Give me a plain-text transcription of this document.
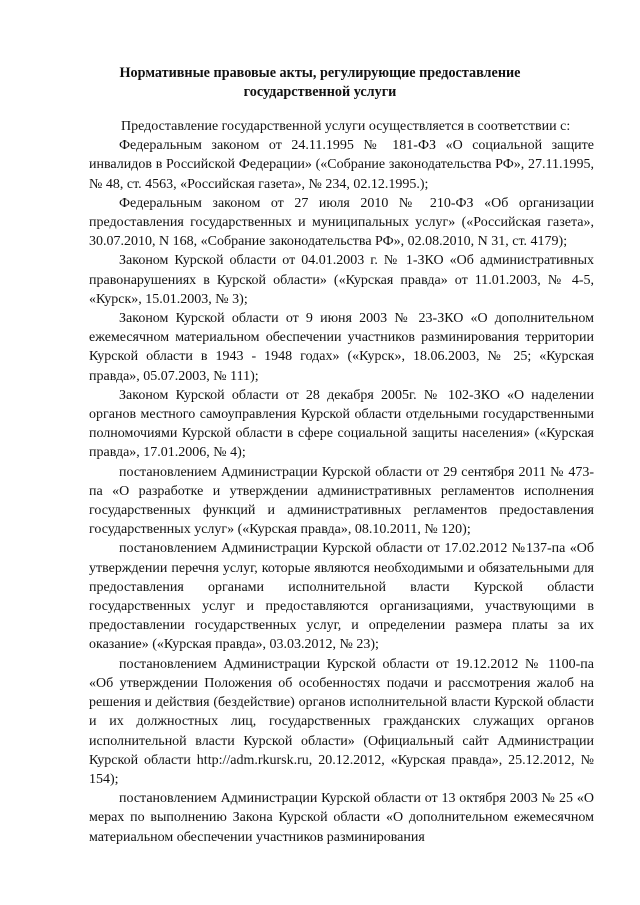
Нормативные правовые акты, регулирующие предоставление государственной услуги

Предоставление государственной услуги осуществляется в соответствии с:

Федеральным законом от 24.11.1995 № 181-ФЗ «О социальной защите инвалидов в Российской Федерации» («Собрание законодательства РФ», 27.11.1995, № 48, ст. 4563, «Российская газета», № 234, 02.12.1995.);

Федеральным законом от 27 июля 2010 № 210-ФЗ «Об организации предоставления государственных и муниципальных услуг» («Российская газета», 30.07.2010, N 168, «Собрание законодательства РФ», 02.08.2010, N 31, ст. 4179);

Законом Курской области от 04.01.2003 г. № 1-ЗКО «Об административных правонарушениях в Курской области» («Курская правда» от 11.01.2003, № 4-5, «Курск», 15.01.2003, № 3);

Законом Курской области от 9 июня 2003 № 23-ЗКО «О дополнительном ежемесячном материальном обеспечении участников разминирования территории Курской области в 1943 - 1948 годах» («Курск», 18.06.2003, № 25; «Курская правда», 05.07.2003, № 111);

Законом Курской области от 28 декабря 2005г. № 102-ЗКО «О наделении органов местного самоуправления Курской области отдельными государственными полномочиями Курской области в сфере социальной защиты населения» («Курская правда», 17.01.2006, № 4);

постановлением Администрации Курской области от 29 сентября 2011 № 473-па «О разработке и утверждении административных регламентов исполнения государственных функций и административных регламентов предоставления государственных услуг» («Курская правда», 08.10.2011, № 120);

постановлением Администрации Курской области от 17.02.2012 №137-па «Об утверждении перечня услуг, которые являются необходимыми и обязательными для предоставления органами исполнительной власти Курской области государственных услуг и предоставляются организациями, участвующими в предоставлении государственных услуг, и определении размера платы за их оказание» («Курская правда», 03.03.2012, № 23);

постановлением Администрации Курской области от 19.12.2012 № 1100-па «Об утверждении Положения об особенностях подачи и рассмотрения жалоб на решения и действия (бездействие) органов исполнительной власти Курской области и их должностных лиц, государственных гражданских служащих органов исполнительной власти Курской области» (Официальный сайт Администрации Курской области http://adm.rkursk.ru, 20.12.2012, «Курская правда», 25.12.2012, № 154);

постановлением Администрации Курской области от 13 октября 2003 № 25 «О мерах по выполнению Закона Курской области «О дополнительном ежемесячном материальном обеспечении участников разминирования
